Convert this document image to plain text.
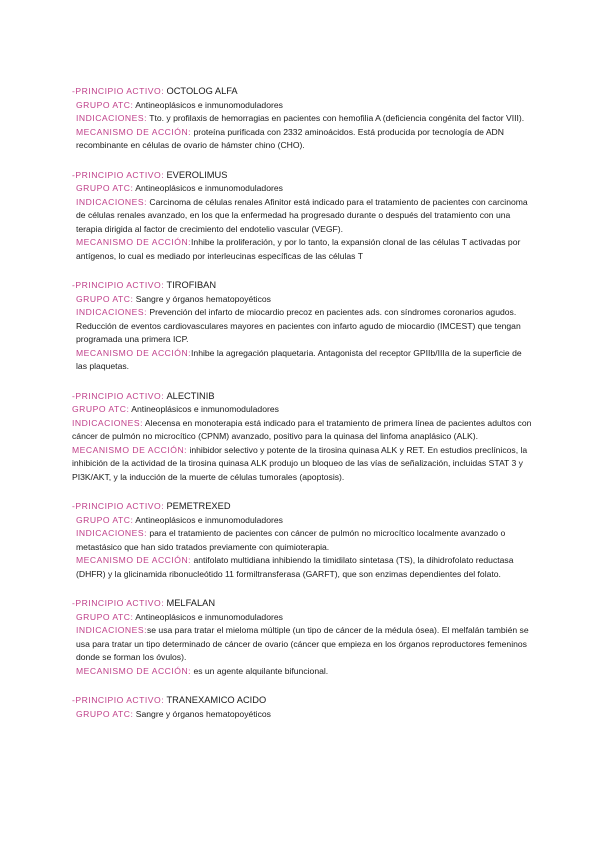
-PRINCIPIO ACTIVO: OCTOLOG ALFA

GRUPO ATC: Antineoplásicos e inmunomoduladores

INDICACIONES: Tto. y profilaxis de hemorragias en pacientes con hemofilia A (deficiencia congénita del factor VIII).

MECANISMO DE ACCIÓN: proteína purificada con 2332 aminoácidos. Está producida por tecnología de ADN recombinante en células de ovario de hámster chino (CHO).

-PRINCIPIO ACTIVO: EVEROLIMUS

GRUPO ATC: Antineoplásicos e inmunomoduladores

INDICACIONES: Carcinoma de células renales Afinitor está indicado para el tratamiento de pacientes con carcinoma de células renales avanzado, en los que la enfermedad ha progresado durante o después del tratamiento con una terapia dirigida al factor de crecimiento del endotelio vascular (VEGF).

MECANISMO DE ACCIÓN:Inhibe la proliferación, y por lo tanto, la expansión clonal de las células T activadas por antígenos, lo cual es mediado por interleucinas específicas de las células T

-PRINCIPIO ACTIVO: TIROFIBAN

GRUPO ATC: Sangre y órganos hematopoyéticos

INDICACIONES: Prevención del infarto de miocardio precoz en pacientes ads. con síndromes coronarios agudos. Reducción de eventos cardiovasculares mayores en pacientes con infarto agudo de miocardio (IMCEST) que tengan programada una primera ICP.

MECANISMO DE ACCIÓN:Inhibe la agregación plaquetaria. Antagonista del receptor GPIIb/IIIa de la superficie de las plaquetas.

-PRINCIPIO ACTIVO: ALECTINIB

GRUPO ATC: Antineoplásicos e inmunomoduladores

INDICACIONES: Alecensa en monoterapia está indicado para el tratamiento de primera línea de pacientes adultos con cáncer de pulmón no microcítico (CPNM) avanzado, positivo para la quinasa del linfoma anaplásico (ALK).

MECANISMO DE ACCIÓN: inhibidor selectivo y potente de la tirosina quinasa ALK y RET. En estudios preclínicos, la inhibición de la actividad de la tirosina quinasa ALK produjo un bloqueo de las vías de señalización, incluidas STAT 3 y PI3K/AKT, y la inducción de la muerte de células tumorales (apoptosis).

-PRINCIPIO ACTIVO: PEMETREXED

GRUPO ATC: Antineoplásicos e inmunomoduladores

INDICACIONES: para el tratamiento de pacientes con cáncer de pulmón no microcítico localmente avanzado o metastásico que han sido tratados previamente con quimioterapia.

MECANISMO DE ACCIÓN: antifolato multidiana inhibiendo la timidilato sintetasa (TS), la dihidrofolato reductasa (DHFR) y la glicinamida ribonucleótido 11 formiltransferasa (GARFT), que son enzimas dependientes del folato.

-PRINCIPIO ACTIVO: MELFALAN

GRUPO ATC: Antineoplásicos e inmunomoduladores

INDICACIONES:se usa para tratar el mieloma múltiple (un tipo de cáncer de la médula ósea). El melfalán también se usa para tratar un tipo determinado de cáncer de ovario (cáncer que empieza en los órganos reproductores femeninos donde se forman los óvulos).

MECANISMO DE ACCIÓN: es un agente alquilante bifuncional.

-PRINCIPIO ACTIVO: TRANEXAMICO ACIDO

GRUPO ATC: Sangre y órganos hematopoyéticos
